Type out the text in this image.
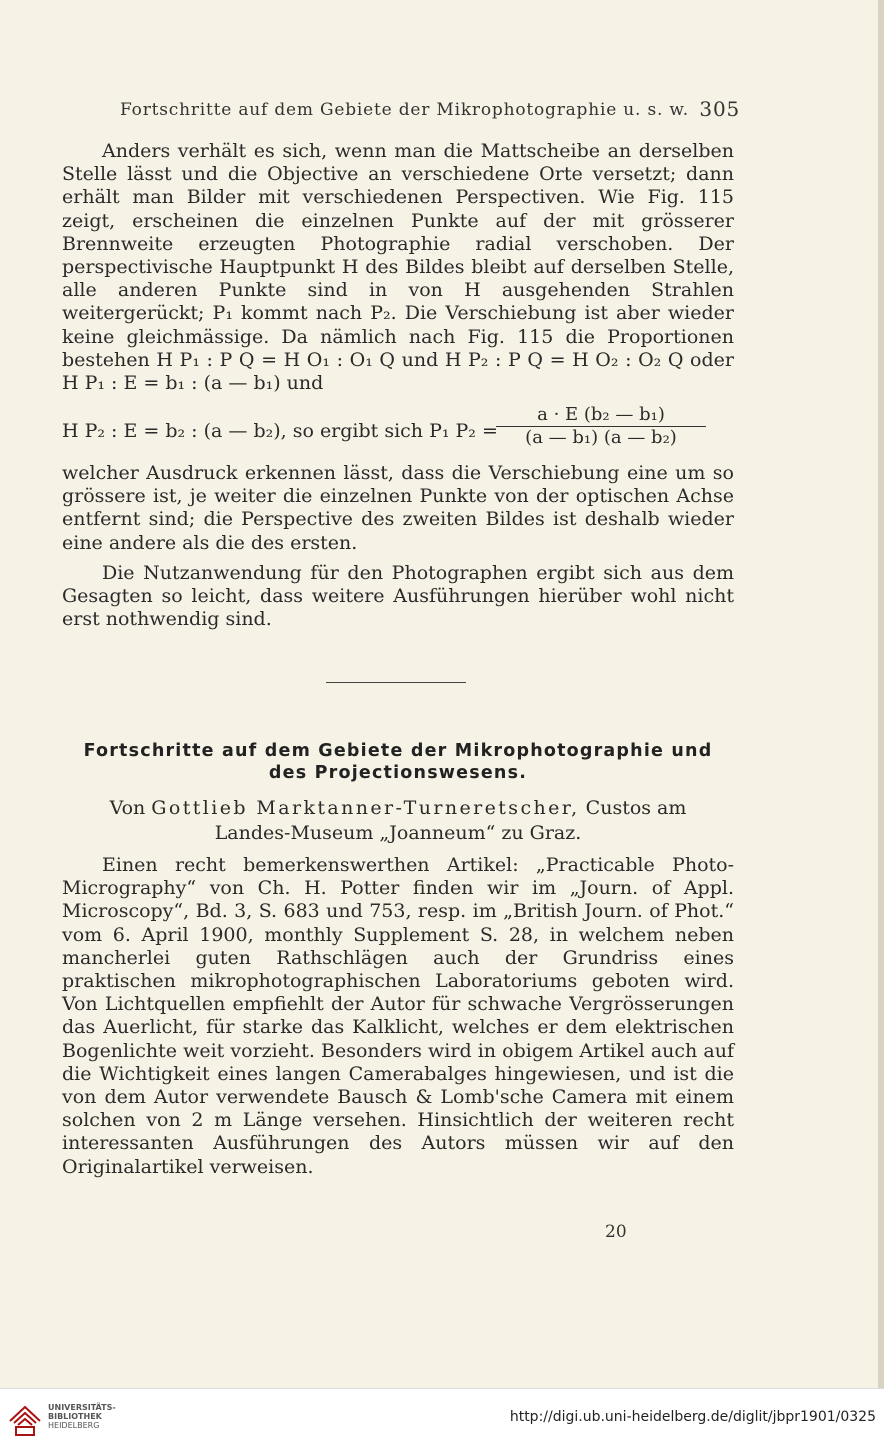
Fortschritte auf dem Gebiete der Mikrophotographie u. s. w. 305

Anders verhält es sich, wenn man die Mattscheibe an derselben Stelle lässt und die Objective an verschiedene Orte versetzt; dann erhält man Bilder mit verschiedenen Perspectiven. Wie Fig. 115 zeigt, erscheinen die einzelnen Punkte auf der mit grösserer Brennweite erzeugten Photographie radial verschoben. Der perspectivische Hauptpunkt H des Bildes bleibt auf derselben Stelle, alle anderen Punkte sind in von H ausgehenden Strahlen weitergerückt; P₁ kommt nach P₂. Die Verschiebung ist aber wieder keine gleichmässige. Da nämlich nach Fig. 115 die Proportionen bestehen H P₁ : P Q = H O₁ : O₁ Q und H P₂ : P Q = H O₂ : O₂ Q oder H P₁ : E = b₁ : (a — b₁) und

H P₂ : E = b₂ : (a — b₂), so ergibt sich P₁ P₂ =
$\frac{\text{a · E (b₂ — b₁)}}{\text{(a — b₁) (a — b₂)}}$

welcher Ausdruck erkennen lässt, dass die Verschiebung eine um so grössere ist, je weiter die einzelnen Punkte von der optischen Achse entfernt sind; die Perspective des zweiten Bildes ist deshalb wieder eine andere als die des ersten.

Die Nutzanwendung für den Photographen ergibt sich aus dem Gesagten so leicht, dass weitere Ausführungen hierüber wohl nicht erst nothwendig sind.

Fortschritte auf dem Gebiete der Mikrophotographie und
des Projectionswesens.
Von Gottlieb Marktanner-Turneretscher, Custos am
Landes-Museum „Joanneum“ zu Graz.

Einen recht bemerkenswerthen Artikel: „Practicable Photo-Micrography“ von Ch. H. Potter finden wir im „Journ. of Appl. Microscopy“, Bd. 3, S. 683 und 753, resp. im „British Journ. of Phot.“ vom 6. April 1900, monthly Supplement S. 28, in welchem neben mancherlei guten Rathschlägen auch der Grundriss eines praktischen mikrophotographischen Laboratoriums geboten wird. Von Lichtquellen empfiehlt der Autor für schwache Vergrösserungen das Auerlicht, für starke das Kalklicht, welches er dem elektrischen Bogenlichte weit vorzieht. Besonders wird in obigem Artikel auch auf die Wichtigkeit eines langen Camerabalges hingewiesen, und ist die von dem Autor verwendete Bausch & Lomb'sche Camera mit einem solchen von 2 m Länge versehen. Hinsichtlich der weiteren recht interessanten Ausführungen des Autors müssen wir auf den Originalartikel verweisen.

20
UNIVERSITÄTS-
BIBLIOTHEK
HEIDELBERG
http://digi.ub.uni-heidelberg.de/diglit/jbpr1901/0325
